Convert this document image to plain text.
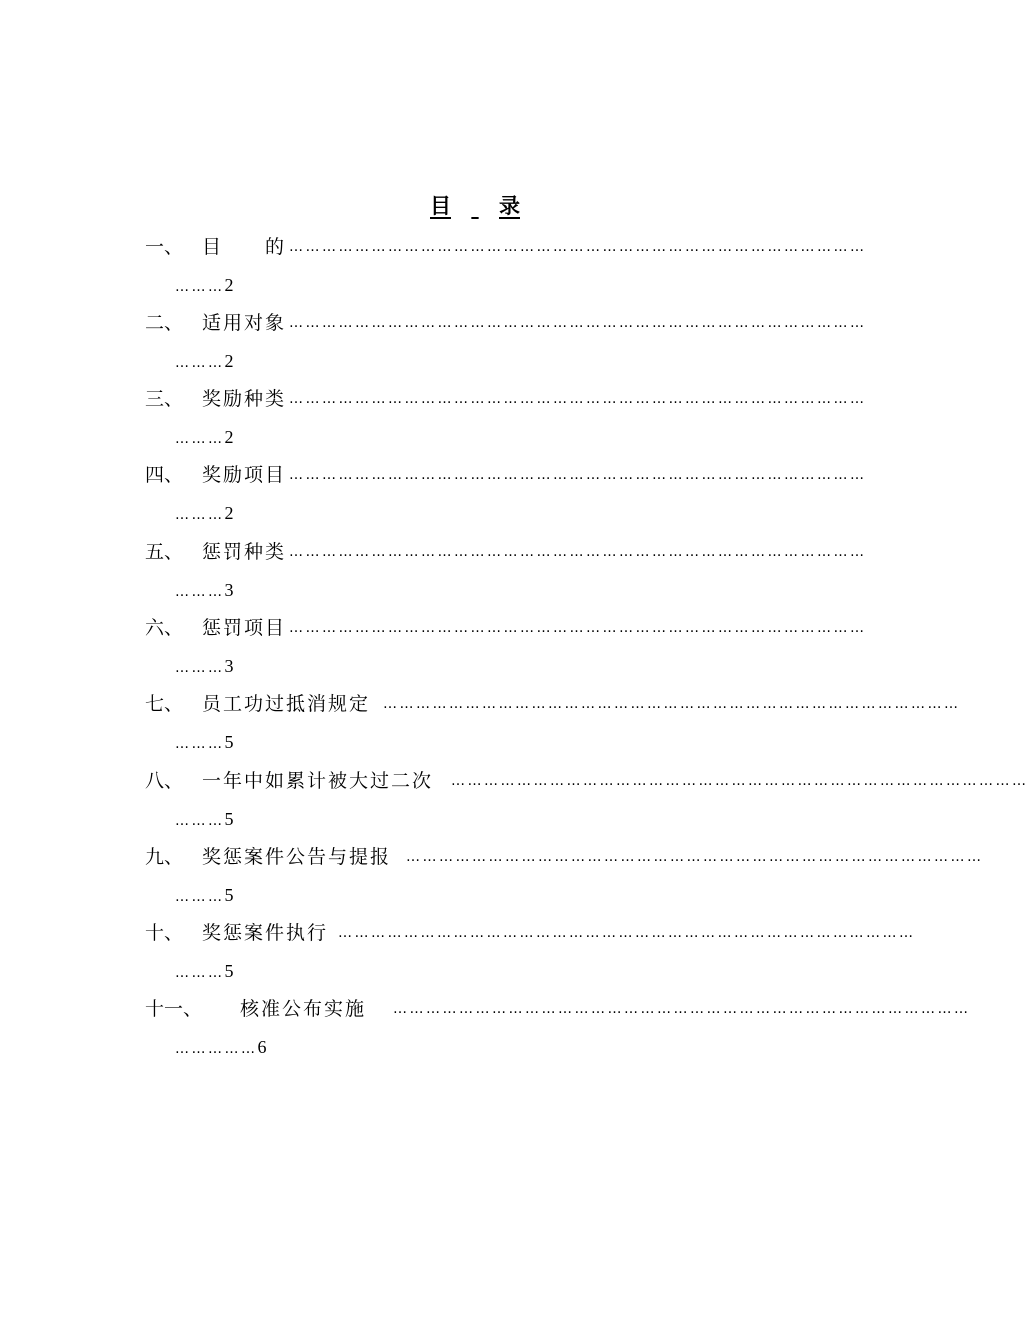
目 录
一、 目　　的 ……………………………………………………………………………………………
………2
二、 适用对象 ……………………………………………………………………………………………
………2
三、 奖励种类 ……………………………………………………………………………………………
………2
四、 奖励项目 ……………………………………………………………………………………………
………2
五、 惩罚种类 ……………………………………………………………………………………………
………3
六、 惩罚项目 ……………………………………………………………………………………………
………3
七、 员工功过抵消规定 ……………………………………………………………………………………………
………5
八、 一年中如累计被大过二次 ……………………………………………………………………………………………
………5
九、 奖惩案件公告与提报 ……………………………………………………………………………………………
………5
十、 奖惩案件执行 ……………………………………………………………………………………………
………5
十一、 核准公布实施 ……………………………………………………………………………………………
……………6
